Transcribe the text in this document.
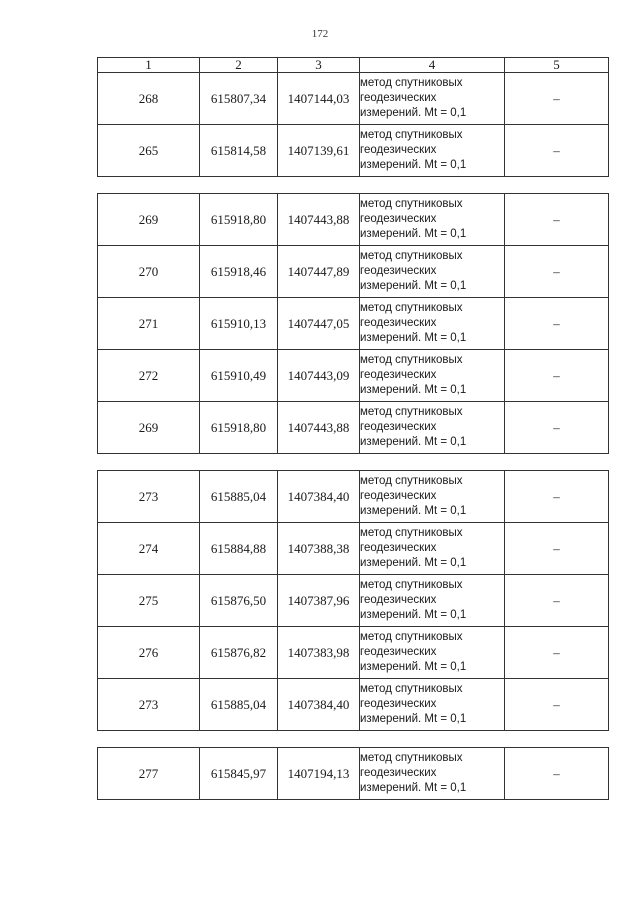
172
1	2	3	4	5
268	615807,34	1407144,03	метод спутниковых
геодезических
измерений. Mt = 0,1	–
265	615814,58	1407139,61	метод спутниковых
геодезических
измерений. Mt = 0,1	–

269	615918,80	1407443,88	метод спутниковых
геодезических
измерений. Mt = 0,1	–
270	615918,46	1407447,89	метод спутниковых
геодезических
измерений. Mt = 0,1	–
271	615910,13	1407447,05	метод спутниковых
геодезических
измерений. Mt = 0,1	–
272	615910,49	1407443,09	метод спутниковых
геодезических
измерений. Mt = 0,1	–
269	615918,80	1407443,88	метод спутниковых
геодезических
измерений. Mt = 0,1	–

273	615885,04	1407384,40	метод спутниковых
геодезических
измерений. Mt = 0,1	–
274	615884,88	1407388,38	метод спутниковых
геодезических
измерений. Mt = 0,1	–
275	615876,50	1407387,96	метод спутниковых
геодезических
измерений. Mt = 0,1	–
276	615876,82	1407383,98	метод спутниковых
геодезических
измерений. Mt = 0,1	–
273	615885,04	1407384,40	метод спутниковых
геодезических
измерений. Mt = 0,1	–

277	615845,97	1407194,13	метод спутниковых
геодезических
измерений. Mt = 0,1	–
